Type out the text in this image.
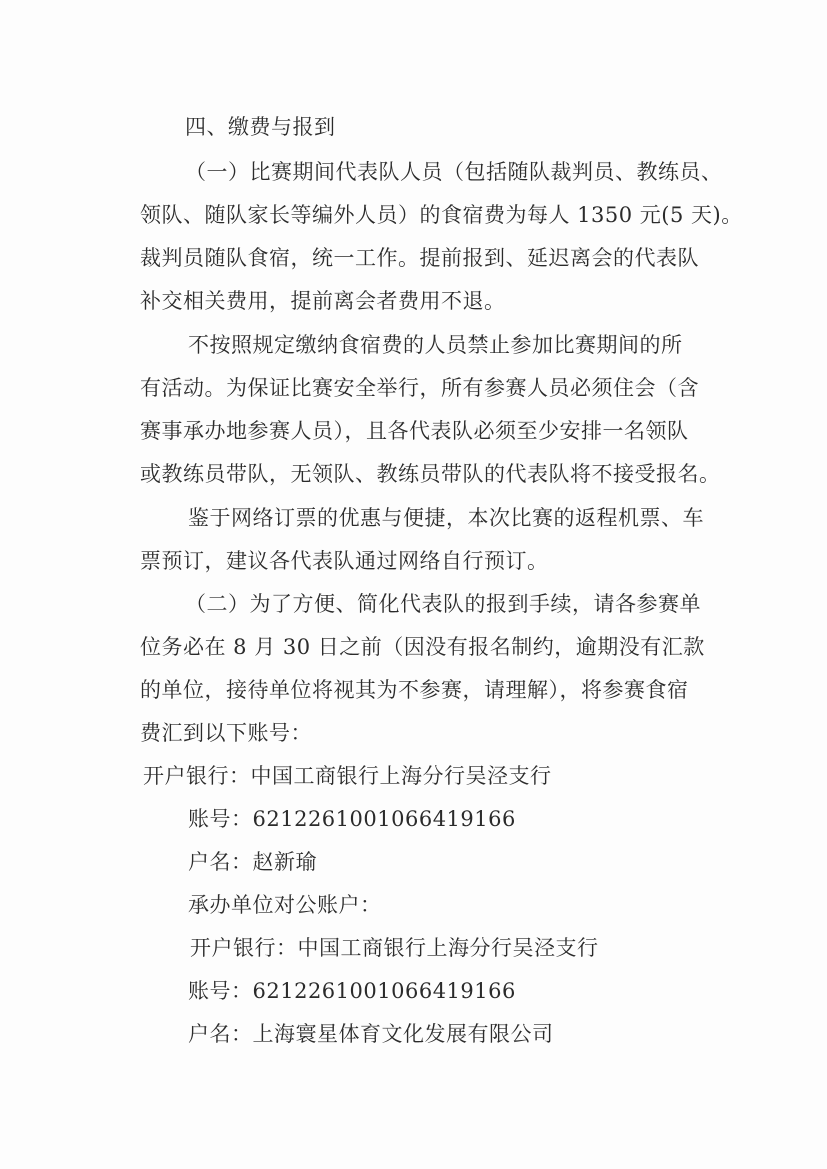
四、缴费与报到
（一）比赛期间代表队人员（包括随队裁判员、教练员、
领队、随队家长等编外人员）的食宿费为每人 1350 元(5 天)。
裁判员随队食宿，统一工作。提前报到、延迟离会的代表队
补交相关费用，提前离会者费用不退。
不按照规定缴纳食宿费的人员禁止参加比赛期间的所
有活动。为保证比赛安全举行，所有参赛人员必须住会（含
赛事承办地参赛人员），且各代表队必须至少安排一名领队
或教练员带队，无领队、教练员带队的代表队将不接受报名。
鉴于网络订票的优惠与便捷，本次比赛的返程机票、车
票预订，建议各代表队通过网络自行预订。
（二）为了方便、简化代表队的报到手续，请各参赛单
位务必在 8 月 30 日之前（因没有报名制约，逾期没有汇款
的单位，接待单位将视其为不参赛，请理解），将参赛食宿
费汇到以下账号：
开户银行：中国工商银行上海分行吴泾支行
账号：6212261001066419166
户名：赵新瑜
承办单位对公账户：
开户银行：中国工商银行上海分行吴泾支行
账号：6212261001066419166
户名：上海寰星体育文化发展有限公司
